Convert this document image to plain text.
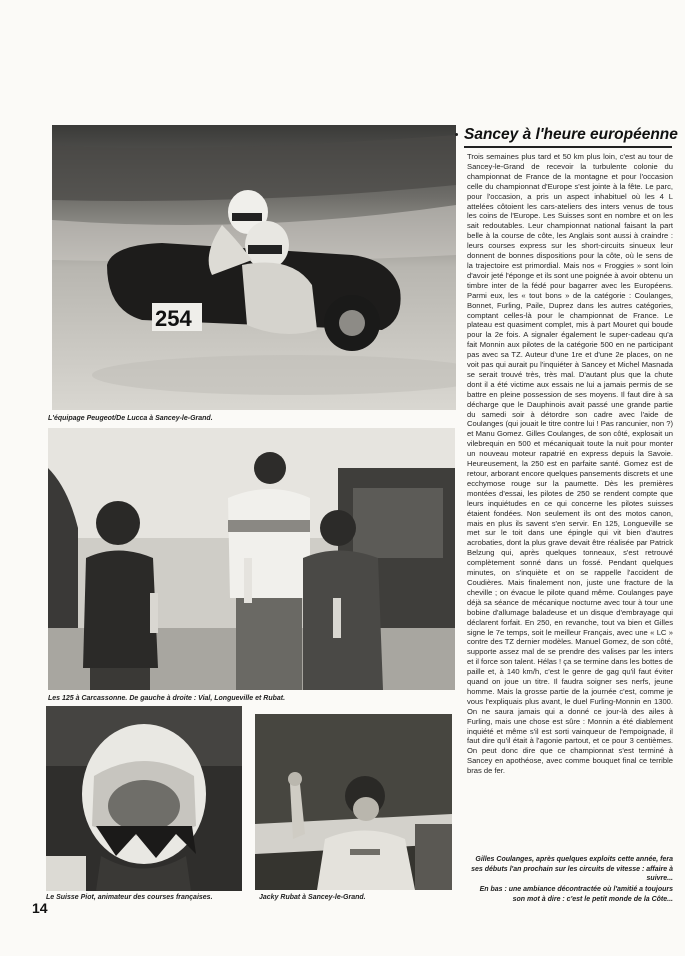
254
L'équipage Peugeot/De Lucca à Sancey-le-Grand.
Les 125 à Carcassonne. De gauche à droite : Vial, Longueville et Rubat.
Le Suisse Piot, animateur des courses françaises.	Jacky Rubat à Sancey-le-Grand.
Sancey à l'heure européenne

Trois semaines plus tard et 50 km plus loin, c'est au tour de Sancey-le-Grand de recevoir la turbulente colonie du championnat de France de la montagne et pour l'occasion celle du championnat d'Europe s'est jointe à la fête. Le parc, pour l'occasion, a pris un aspect inhabituel où les 4 L attelées côtoient les cars-ateliers des inters venus de tous les coins de l'Europe. Les Suisses sont en nombre et on les sait redoutables. Leur championnat national faisant la part belle à la course de côte, les Anglais sont aussi à craindre : leurs courses express sur les short-circuits sinueux leur donnent de bonnes dispositions pour la côte, où le sens de la trajectoire est primordial. Mais nos « Froggies » sont loin d'avoir jeté l'éponge et ils sont une poignée à avoir obtenu un timbre inter de la fédé pour bagarrer avec les Européens. Parmi eux, les « tout bons » de la catégorie : Coulanges, Bonnet, Furling, Paile, Duprez dans les autres catégories, comptant celles-là pour le championnat de France. Le plateau est quasiment complet, mis à part Mouret qui boude pour la 2e fois. A signaler également le super-cadeau qu'a fait Monnin aux pilotes de la catégorie 500 en ne participant pas avec sa TZ. Auteur d'une 1re et d'une 2e places, on ne voit pas qui aurait pu l'inquiéter à Sancey et Michel Masnada se serait trouvé très, très mal. D'autant plus que la chute dont il a été victime aux essais ne lui a jamais permis de se battre en pleine possession de ses moyens. Il faut dire à sa décharge que le Dauphinois avait passé une grande partie du samedi soir à détordre son cadre avec l'aide de Coulanges (qui jouait le titre contre lui ! Pas rancunier, non ?) et Manu Gomez. Gilles Coulanges, de son côté, explosait un vilebrequin en 500 et mécaniquait toute la nuit pour monter un nouveau moteur rapatrié en express depuis la Savoie. Heureusement, la 250 est en parfaite santé. Gomez est de retour, arborant encore quelques pansements discrets et une ecchymose rouge sur la paumette. Dès les premières montées d'essai, les pilotes de 250 se rendent compte que leurs inquiétudes en ce qui concerne les pilotes suisses étaient fondées. Non seulement ils ont des motos canon, mais en plus ils savent s'en servir. En 125, Longueville se met sur le toit dans une épingle qui vit bien d'autres acrobaties, dont la plus grave devait être réalisée par Patrick Belzung qui, après quelques tonneaux, s'est retrouvé complètement sonné dans un fossé. Pendant quelques minutes, on s'inquiète et on se rappelle l'accident de Coudières. Mais finalement non, juste une fracture de la cheville ; on évacue le pilote quand même. Coulanges paye déjà sa séance de mécanique nocturne avec tour à tour une bobine d'allumage baladeuse et un disque d'embrayage qui déclarent forfait. En 250, en revanche, tout va bien et Gilles signe le 7e temps, soit le meilleur Français, avec une « LC » contre des TZ dernier modèles. Manuel Gomez, de son côté, supporte assez mal de se prendre des valises par les inters et il force son talent. Hélas ! ça se termine dans les bottes de paille et, à 140 km/h, c'est le genre de gag qu'il faut éviter quand on joue un titre. Il faudra soigner ses nerfs, jeune homme. Mais la grosse partie de la journée c'est, comme je vous l'expliquais plus avant, le duel Furling-Monnin en 1300. On ne saura jamais qui a donné ce jour-là des ailes à Furling, mais une chose est sûre : Monnin a été diablement inquiété et même s'il est sorti vainqueur de l'empoignade, il faut dire qu'il était à l'agonie partout, et ce pour 3 centièmes. On peut donc dire que ce championnat s'est terminé à Sancey en apothéose, avec comme bouquet final ce terrible bras de fer.

Gilles Coulanges, après quelques exploits cette année, fera ses débuts l'an prochain sur les circuits de vitesse : affaire à suivre...

En bas : une ambiance décontractée où l'amitié a toujours son mot à dire : c'est le petit monde de la Côte...

14
